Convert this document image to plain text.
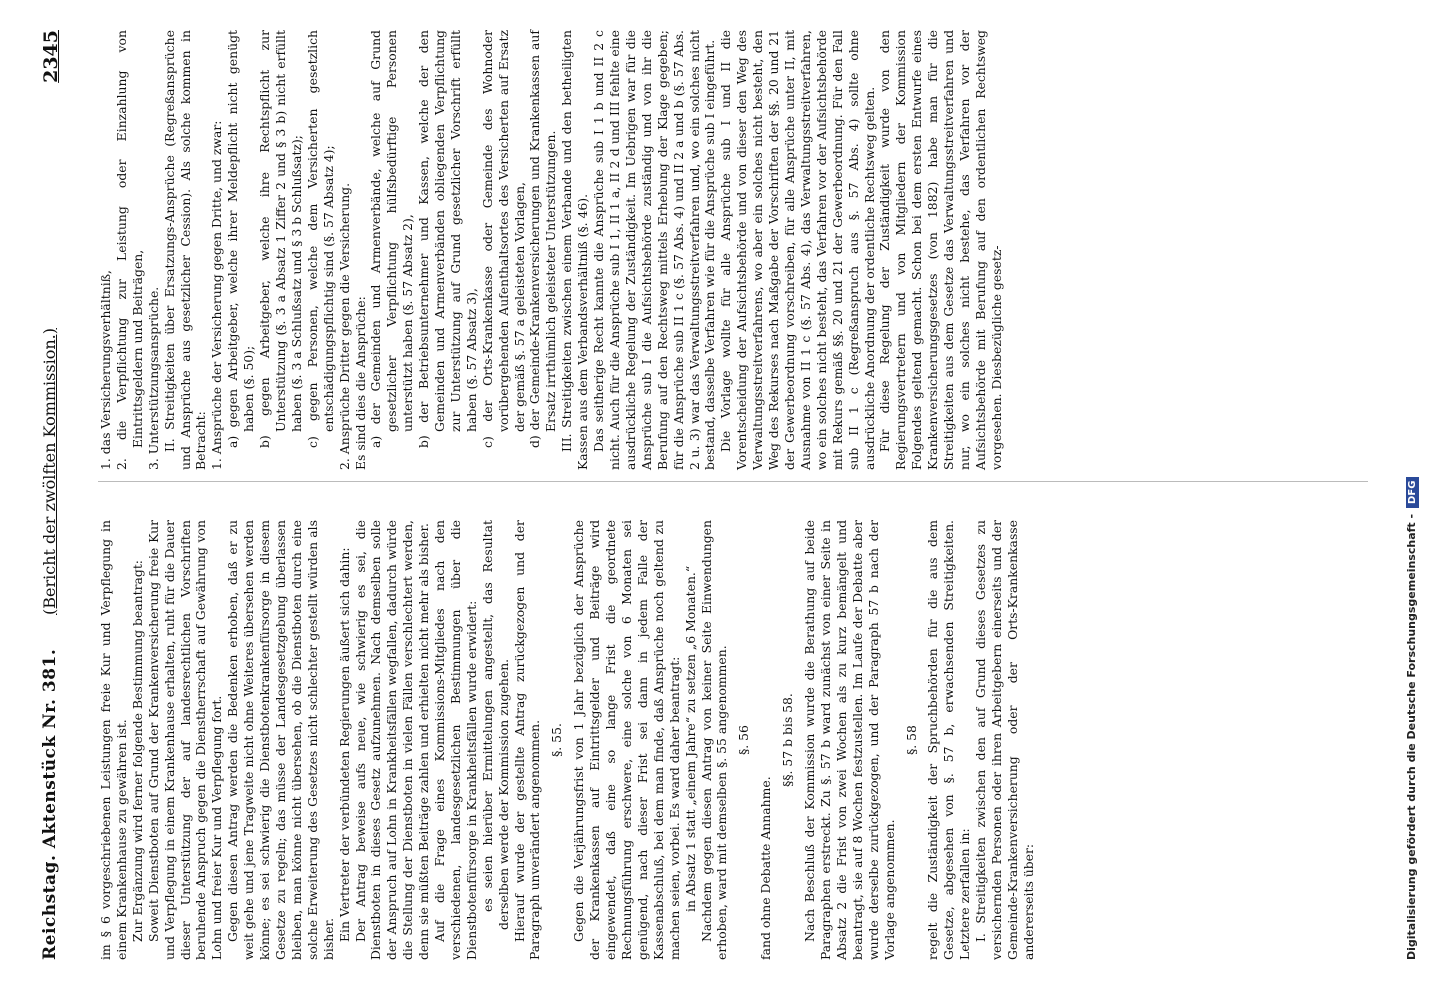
Reichstag. Aktenstück Nr. 381.
(Bericht der zwölften Kommission.)
2345

im § 6 vorgeschriebenen Leistungen freie Kur und Verpflegung in einem Krankenhause zu gewähren ist. Zur Ergänzung wird ferner folgende Bestimmung beantragt: Soweit Dienstboten auf Grund der Krankenversicherung freie Kur und Verpflegung in einem Krankenhause erhalten, ruht für die Dauer dieser Unterstützung der auf landesrechtlichen Vorschriften beruhende Anspruch gegen die Dienstherrschaft auf Gewährung von Lohn und freier Kur und Verpflegung fort. Gegen diesen Antrag werden die Bedenken erhoben, daß er zu weit gehe und jene Tragweite nicht ohne Weiteres übersehen werden könne; es sei schwierig die Dienstbotenkrankenfürsorge in diesem Gesetze zu regeln; das müsse der Landesgesetzgebung überlassen bleiben, man könne nicht übersehen, ob die Dienstboten durch eine solche Erweiterung des Gesetzes nicht schlechter gestellt würden als bisher. Ein Vertreter der verbündeten Regierungen äußert sich dahin: Der Antrag beweise aufs neue, wie schwierig es sei, die Dienstboten in dieses Gesetz aufzunehmen. Nach demselben solle der Anspruch auf Lohn in Krankheitsfällen wegfallen, dadurch würde die Stellung der Dienstboten in vielen Fällen verschlechtert werden, denn sie müßten Beiträge zahlen und erhielten nicht mehr als bisher. Auf die Frage eines Kommissions-Mitgliedes nach den verschiedenen, landesgesetzlichen Bestimmungen über die Dienstbotenfürsorge in Krankheitsfällen wurde erwidert: es seien hierüber Ermittelungen angestellt, das Resultat derselben werde der Kommission zugehen. Hierauf wurde der gestellte Antrag zurückgezogen und der Paragraph unverändert angenommen. §. 55. Gegen die Verjährungsfrist von 1 Jahr bezüglich der Ansprüche der Krankenkassen auf Eintrittsgelder und Beiträge wird eingewendet, daß eine so lange Frist die geordnete Rechnungsführung erschwere, eine solche von 6 Monaten sei genügend, nach dieser Frist sei dann in jedem Falle der Kassenabschluß, bei dem man finde, daß Ansprüche noch geltend zu machen seien, vorbei. Es ward daher beantragt: in Absatz 1 statt „einem Jahre“ zu setzen „6 Monaten.“ Nachdem gegen diesen Antrag von keiner Seite Einwendungen erhoben, ward mit demselben §. 55 angenommen. §. 56

fand ohne Debatte Annahme.

§§. 57 b bis 58. Nach Beschluß der Kommission wurde die Berathung auf beide Paragraphen erstreckt. Zu §. 57 b ward zunächst von einer Seite in Absatz 2 die Frist von zwei Wochen als zu kurz bemängelt und beantragt, sie auf 8 Wochen festzustellen. Im Laufe der Debatte aber wurde derselbe zurückgezogen, und der Paragraph 57 b nach der Vorlage angenommen.

§. 58 regelt die Zuständigkeit der Spruchbehörden für die aus dem Gesetze, abgesehen von §. 57 b, erwachsenden Streitigkeiten. Letztere zerfallen in: I. Streitigkeiten zwischen den auf Grund dieses Gesetzes zu versichernden Personen oder ihren Arbeitgebern einerseits und der Gemeinde-Krankenversicherung oder der Orts-Krankenkasse andererseits über:

1. das Versicherungsverhältniß, 2. die Verpflichtung zur Leistung oder Einzahlung von Eintrittsgeldern und Beiträgen, 3. Unterstützungsansprüche. II. Streitigkeiten über Ersatzungs-Ansprüche (Regreßansprüche und Ansprüche aus gesetzlicher Cession). Als solche kommen in Betracht: 1. Ansprüche der Versicherung gegen Dritte, und zwar: a) gegen Arbeitgeber, welche ihrer Meldepflicht nicht genügt haben (§. 50); b) gegen Arbeitgeber, welche ihre Rechtspflicht zur Unterstützung (§. 3 a Absatz 1 Ziffer 2 und § 3 b) nicht erfüllt haben (§. 3 a Schlußsatz und § 3 b Schlußsatz); c) gegen Personen, welche dem Versicherten gesetzlich entschädigungspflichtig sind (§. 57 Absatz 4); 2. Ansprüche Dritter gegen die Versicherung. Es sind dies die Ansprüche: a) der Gemeinden und Armenverbände, welche auf Grund gesetzlicher Verpflichtung hülfsbedürftige Personen unterstützt haben (§. 57 Absatz 2), b) der Betriebsunternehmer und Kassen, welche der den Gemeinden und Armenverbänden obliegenden Verpflichtung zur Unterstützung auf Grund gesetzlicher Vorschrift erfüllt haben (§. 57 Absatz 3), c) der Orts-Krankenkasse oder Gemeinde des Wohnoder vorübergehenden Aufenthaltsortes des Versicherten auf Ersatz der gemäß §. 57 a geleisteten Vorlagen, d) der Gemeinde-Krankenversicherungen und Krankenkassen auf Ersatz irrthümlich geleisteter Unterstützungen. III. Streitigkeiten zwischen einem Verbande und den betheiligten Kassen aus dem Verbandsverhältniß (§. 46). Das seitherige Recht kannte die Ansprüche sub I 1 b und II 2 c nicht. Auch für die Ansprüche sub I 1, II 1 a, II 2 d und III fehlte eine ausdrückliche Regelung der Zuständigkeit. Im Uebrigen war für die Ansprüche sub I die Aufsichtsbehörde zuständig und von ihr die Berufung auf den Rechtsweg mittels Erhebung der Klage gegeben; für die Ansprüche sub II 1 c (§. 57 Abs. 4) und II 2 a und b (§. 57 Abs. 2 u. 3) war das Verwaltungsstreitverfahren und, wo ein solches nicht bestand, dasselbe Verfahren wie für die Ansprüche sub I eingeführt. Die Vorlage wollte für alle Ansprüche sub I und II die Vorentscheidung der Aufsichtsbehörde und von dieser den Weg des Verwaltungsstreitverfahrens, wo aber ein solches nicht besteht, den Weg des Rekurses nach Maßgabe der Vorschriften der §§. 20 und 21 der Gewerbeordnung vorschreiben, für alle Ansprüche unter II, mit Ausnahme von II 1 c (§. 57 Abs. 4), das Verwaltungsstreitverfahren, wo ein solches nicht besteht, das Verfahren vor der Aufsichtsbehörde mit Rekurs gemäß §§. 20 und 21 der Gewerbeordnung. Für den Fall sub II 1 c (Regreßanspruch aus §. 57 Abs. 4) sollte ohne ausdrückliche Anordnung der ordentliche Rechtsweg gelten. Für diese Regelung der Zuständigkeit wurde von den Regierungsvertretern und von Mitgliedern der Kommission Folgendes geltend gemacht. Schon bei dem ersten Entwurfe eines Krankenversicherungsgesetzes (von 1882) habe man für die Streitigkeiten aus dem Gesetze das Verwaltungsstreitverfahren und nur, wo ein solches nicht bestehe, das Verfahren vor der Aufsichtsbehörde mit Berufung auf den ordentlichen Rechtsweg vorgesehen. Diesbezügliche gesetz-

Digitalisierung gefördert durch die Deutsche Forschungsgemeinschaft -DFG
